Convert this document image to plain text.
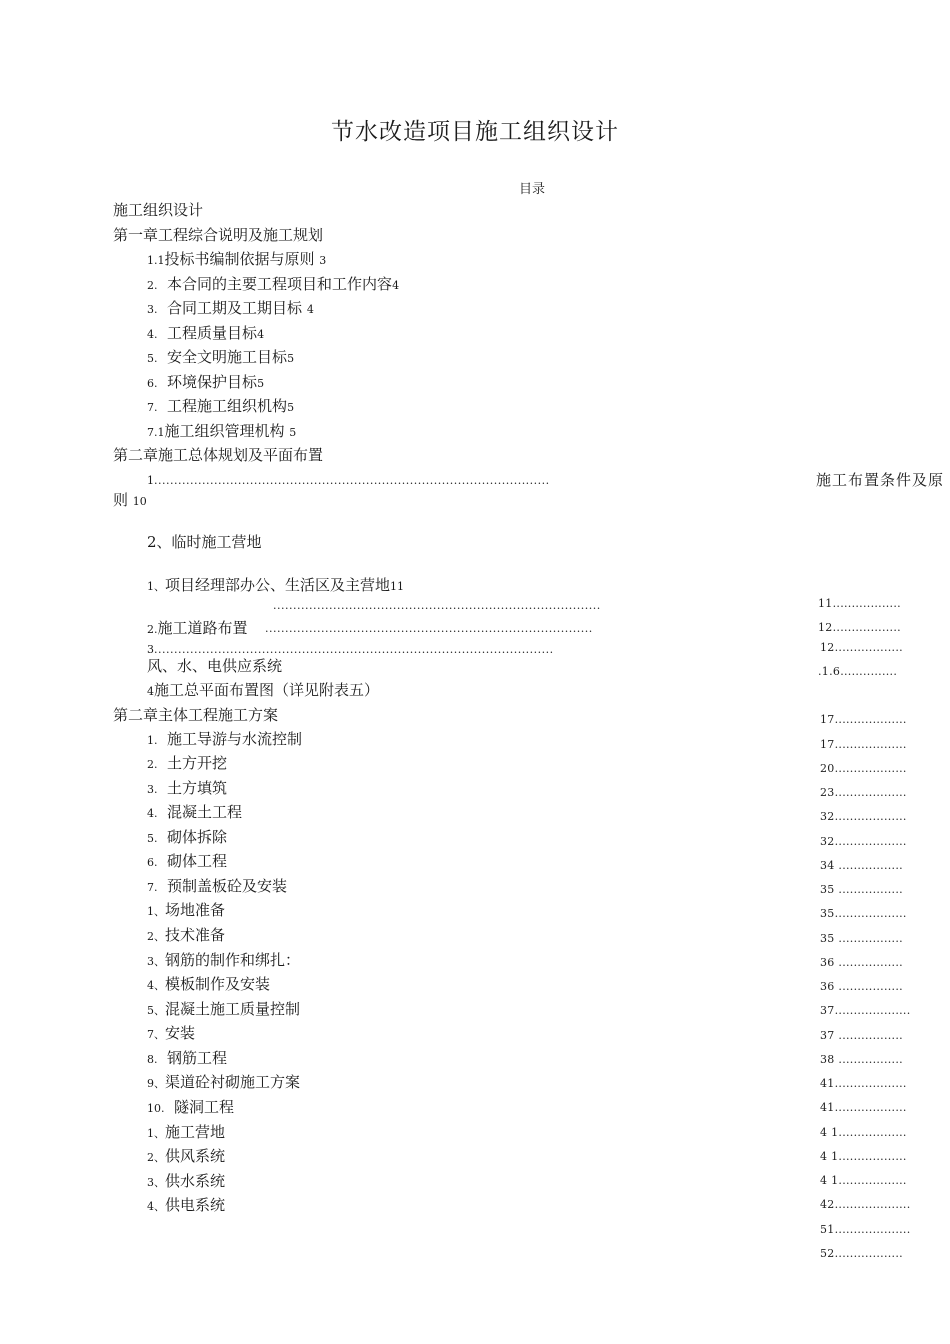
节水改造项目施工组织设计
目录
施工组织设计
第一章工程综合说明及施工规划
1.1投标书编制依据与原则 3
2. 本合同的主要工程项目和工作内容4
3. 合同工期及工期目标 4
4. 工程质量目标4
5. 安全文明施工目标5
6. 环境保护目标5
7. 工程施工组织机构5
7.1施工组织管理机构 5
第二章施工总体规划及平面布置
1. ..................................................................................................	施工布置条件及原
则 10
2、临时施工营地
1、项目经理部办公、生活区及主营地11
..................................................................................
2.施工道路布置 ..................................................................................
3. ...................................................................................................
风、水、电供应系统
4施工总平面布置图（详见附表五）
第二章主体工程施工方案
1. 施工导游与水流控制
2. 土方开挖
3. 土方填筑
4. 混凝土工程
5. 砌体拆除
6. 砌体工程
7. 预制盖板砼及安装
1、场地准备
2、技术准备
3、钢筋的制作和绑扎：
4、模板制作及安装
5、混凝土施工质量控制
7、安装
8. 钢筋工程
9、渠道砼衬砌施工方案
10. 隧洞工程
1、施工营地
2、供风系统
3、供水系统
4、供电系统
11..................
12..................
12..................
.1.6...............
17...................
17...................
20...................
23...................
32...................
32...................
34 .................
35 .................
35...................
35 .................
36 .................
36 .................
37....................
37 .................
38 .................
41...................
41...................
4 1..................
4 1..................
4 1..................
42....................
51....................
52..................
